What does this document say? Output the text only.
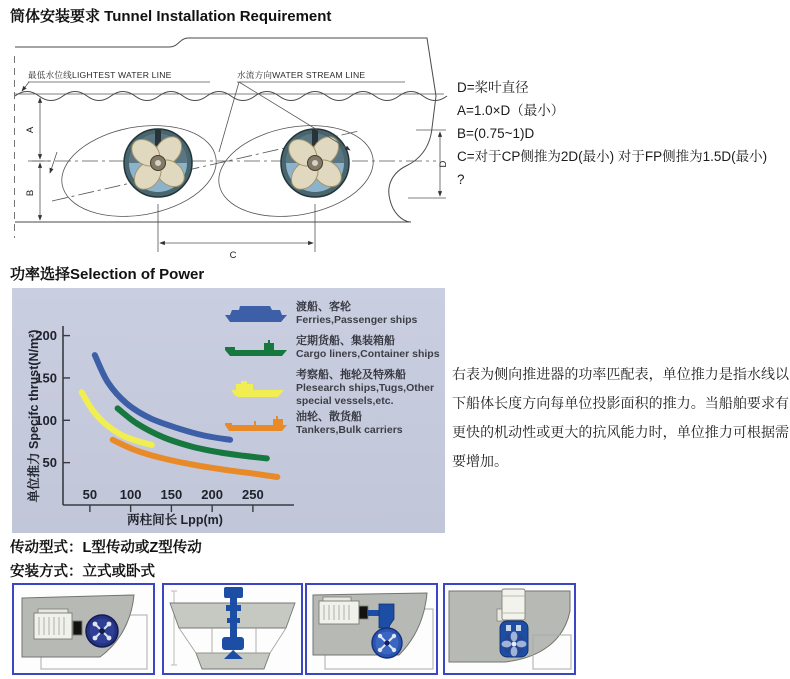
筒体安装要求 Tunnel Installation Requirement
A
B
C
D
最低水位线LIGHTEST WATER LINE	水流方向WATER STREAM LINE
D=桨叶直径
A=1.0×D（最小）
B=(0.75~1)D
C=对于CP侧推为2D(最小) 对于FP侧推为1.5D(最小)
?
功率选择Selection of Power
50
100
150
200
50 100 150 200 250
单位推力 Specifc thrust(N/m²)
两柱间长 Lpp(m)
渡船、客轮
Ferries,Passenger ships
定期货船、集装箱船
Cargo liners,Container ships
考察船、拖轮及特殊船
Plesearch ships,Tugs,Other special vessels,etc.
油轮、散货船
Tankers,Bulk carriers
右表为侧向推进器的功率匹配表，单位推力是指水线以下船体长度方向每单位投影面积的推力。当船舶要求有更快的机动性或更大的抗风能力时，单位推力可根据需要增加。
传动型式：L型传动或Z型传动
安装方式：立式或卧式
